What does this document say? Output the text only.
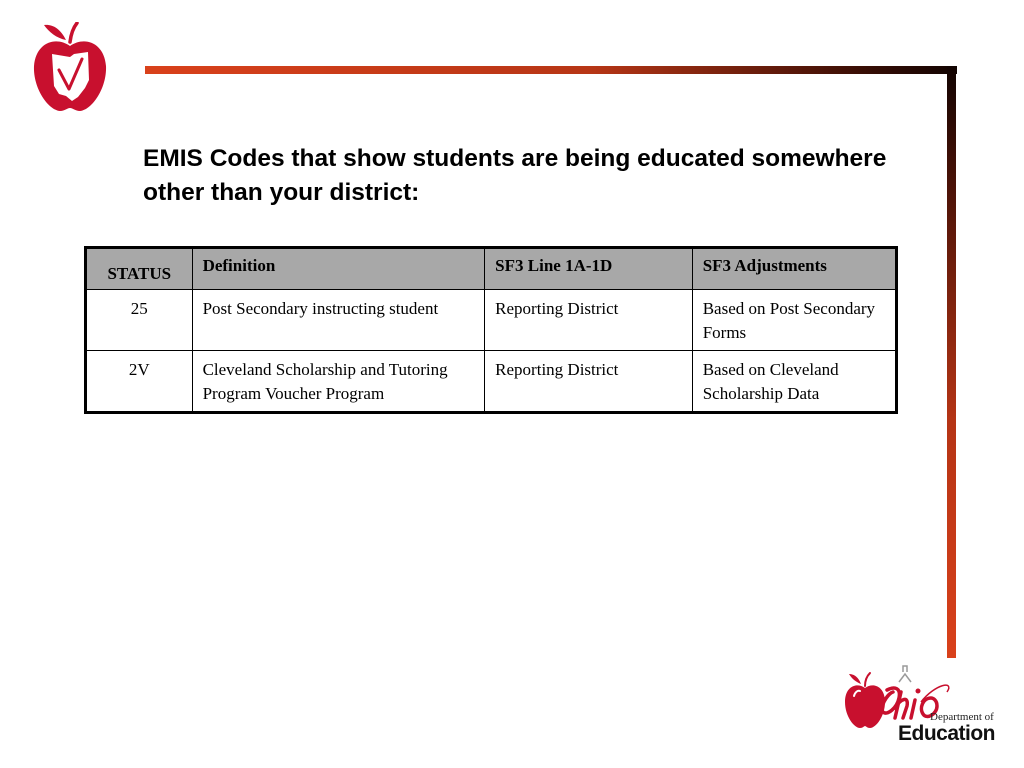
EMIS Codes that show students are being educated somewhere other than your district:
STATUS	Definition	SF3 Line 1A-1D	SF3 Adjustments
25	Post Secondary instructing student	Reporting District	Based on Post Secondary Forms
2V	Cleveland Scholarship and Tutoring Program Voucher Program	Reporting District	Based on Cleveland Scholarship Data

Department of

Education
